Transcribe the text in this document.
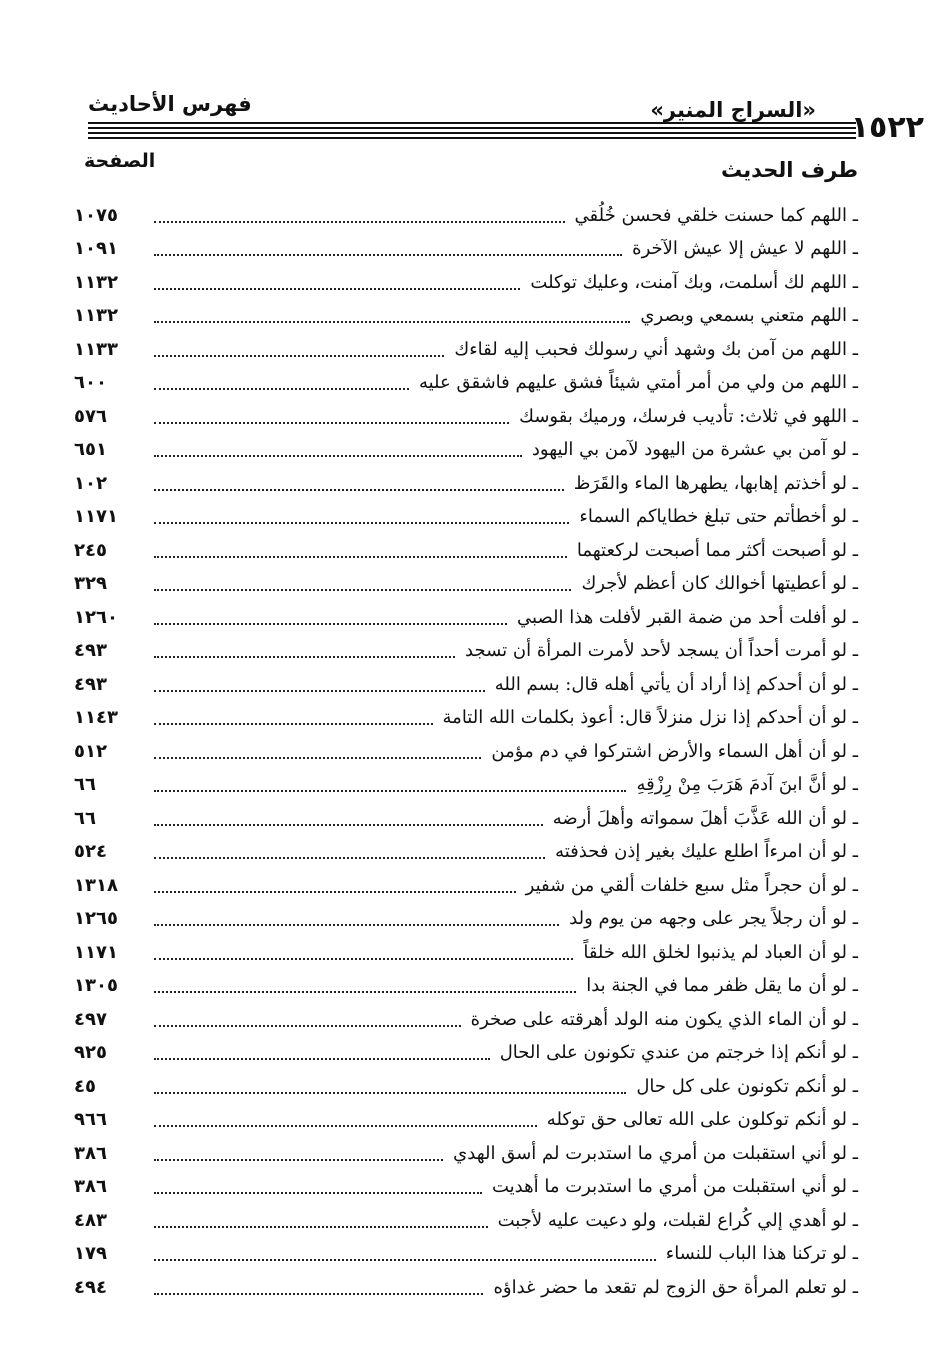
١٥٢٢
«السراج المنير»
فهرس الأحاديث
طرف الحديث
الصفحة
ـ اللهم كما حسنت خلقي فحسن خُلُقي
١٠٧٥
ـ اللهم لا عيش إلا عيش الآخرة
١٠٩١
ـ اللهم لك أسلمت، وبك آمنت، وعليك توكلت
١١٣٢
ـ اللهم متعني بسمعي وبصري
١١٣٢
ـ اللهم من آمن بك وشهد أني رسولك فحبب إليه لقاءك
١١٣٣
ـ اللهم من ولي من أمر أمتي شيئاً فشق عليهم فاشقق عليه
٦٠٠
ـ اللهو في ثلاث: تأديب فرسك، ورميك بقوسك
٥٧٦
ـ لو آمن بي عشرة من اليهود لآمن بي اليهود
٦٥١
ـ لو أخذتم إهابها، يطهرها الماء والقَرَظ
١٠٢
ـ لو أخطأتم حتى تبلغ خطاياكم السماء
١١٧١
ـ لو أصبحت أكثر مما أصبحت لركعتهما
٢٤٥
ـ لو أعطيتها أخوالك كان أعظم لأجرك
٣٢٩
ـ لو أفلت أحد من ضمة القبر لأفلت هذا الصبي
١٢٦٠
ـ لو أمرت أحداً أن يسجد لأحد لأمرت المرأة أن تسجد
٤٩٣
ـ لو أن أحدكم إذا أراد أن يأتي أهله قال: بسم الله
٤٩٣
ـ لو أن أحدكم إذا نزل منزلاً قال: أعوذ بكلمات الله التامة
١١٤٣
ـ لو أن أهل السماء والأرض اشتركوا في دم مؤمن
٥١٢
ـ لو أنَّ ابنَ آدمَ هَرَبَ مِنْ رِزْقِهِ
٦٦
ـ لو أن الله عَذَّبَ أهلَ سمواته وأهلَ أرضه
٦٦
ـ لو أن امرءاً اطلع عليك بغير إذن فحذفته
٥٢٤
ـ لو أن حجراً مثل سبع خلفات ألقي من شفير
١٣١٨
ـ لو أن رجلاً يجر على وجهه من يوم ولد
١٢٦٥
ـ لو أن العباد لم يذنبوا لخلق الله خلقاً
١١٧١
ـ لو أن ما يقل ظفر مما في الجنة بدا
١٣٠٥
ـ لو أن الماء الذي يكون منه الولد أهرقته على صخرة
٤٩٧
ـ لو أنكم إذا خرجتم من عندي تكونون على الحال
٩٢٥
ـ لو أنكم تكونون على كل حال
٤٥
ـ لو أنكم توكلون على الله تعالى حق توكله
٩٦٦
ـ لو أني استقبلت من أمري ما استدبرت لم أسق الهدي
٣٨٦
ـ لو أني استقبلت من أمري ما استدبرت ما أهديت
٣٨٦
ـ لو أهدي إلي كُراع لقبلت، ولو دعيت عليه لأجبت
٤٨٣
ـ لو تركنا هذا الباب للنساء
١٧٩
ـ لو تعلم المرأة حق الزوج لم تقعد ما حضر غداؤه
٤٩٤
